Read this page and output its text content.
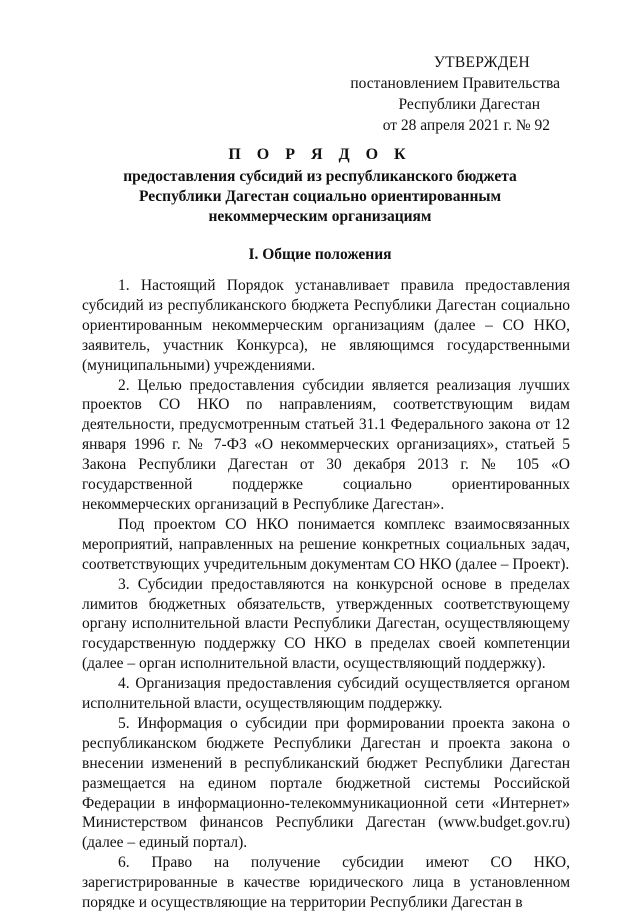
УТВЕРЖДЕН
постановлением Правительства
Республики Дагестан
от 28 апреля 2021 г. № 92
П О Р Я Д О К
предоставления субсидий из республиканского бюджета
Республики Дагестан социально ориентированным
некоммерческим организациям
I. Общие положения

1. Настоящий Порядок устанавливает правила предоставления субсидий из республиканского бюджета Республики Дагестан социально ориентированным некоммерческим организациям (далее – СО НКО, заявитель, участник Конкурса), не являющимся государственными (муниципальными) учреждениями.

2. Целью предоставления субсидии является реализация лучших проектов СО НКО по направлениям, соответствующим видам деятельности, предусмотренным статьей 31.1 Федерального закона от 12 января 1996 г. № 7-ФЗ «О некоммерческих организациях», статьей 5 Закона Республики Дагестан от 30 декабря 2013 г. № 105 «О государственной поддержке социально ориентированных некоммерческих организаций в Республике Дагестан».

Под проектом СО НКО понимается комплекс взаимосвязанных мероприятий, направленных на решение конкретных социальных задач, соответствующих учредительным документам СО НКО (далее – Проект).

3. Субсидии предоставляются на конкурсной основе в пределах лимитов бюджетных обязательств, утвержденных соответствующему органу исполнительной власти Республики Дагестан, осуществляющему государственную поддержку СО НКО в пределах своей компетенции (далее – орган исполнительной власти, осуществляющий поддержку).

4. Организация предоставления субсидий осуществляется органом исполнительной власти, осуществляющим поддержку.

5. Информация о субсидии при формировании проекта закона о республиканском бюджете Республики Дагестан и проекта закона о внесении изменений в республиканский бюджет Республики Дагестан размещается на едином портале бюджетной системы Российской Федерации в информационно-телекоммуникационной сети «Интернет» Министерством финансов Республики Дагестан (www.budget.gov.ru) (далее – единый портал).

6. Право на получение субсидии имеют СО НКО, зарегистрированные в качестве юридического лица в установленном порядке и осуществляющие на территории Республики Дагестан в
